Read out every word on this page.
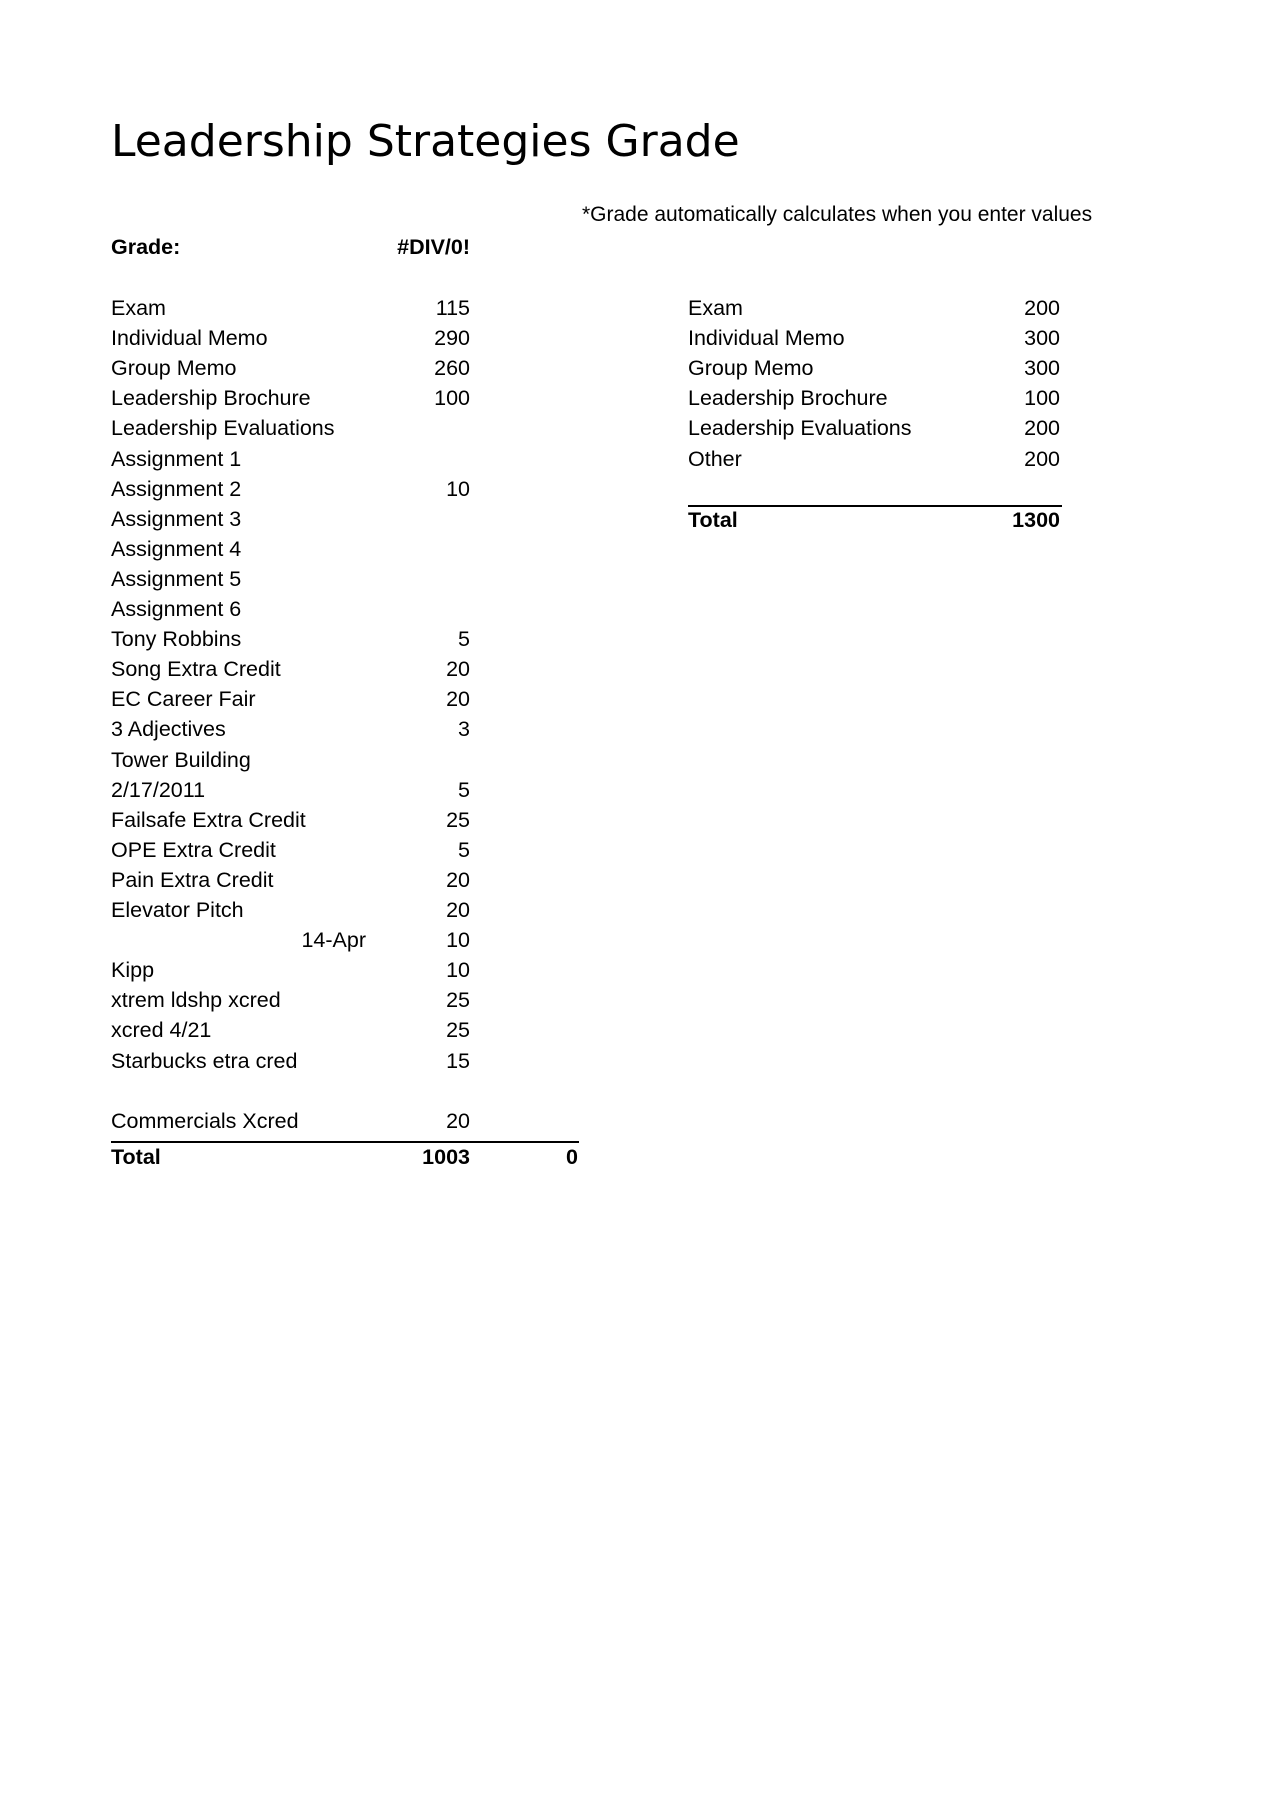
Leadership Strategies Grade
*Grade automatically calculates when you enter values
Grade:	#DIV/0!
Exam	115
Individual Memo	290
Group Memo	260
Leadership Brochure	100
Leadership Evaluations
Assignment 1
Assignment 2	10
Assignment 3
Assignment 4
Assignment 5
Assignment 6
Tony Robbins	5
Song Extra Credit	20
EC Career Fair	20
3 Adjectives	3
Tower Building
2/17/2011	5
Failsafe Extra Credit	25
OPE Extra Credit	5
Pain Extra Credit	20
Elevator Pitch	20
14-Apr	10
Kipp	10
xtrem ldshp xcred	25
xcred 4/21	25
Starbucks etra cred	15
Commercials Xcred	20
Total	1003	0
Exam	200
Individual Memo	300
Group Memo	300
Leadership Brochure	100
Leadership Evaluations	200
Other	200
Total	1300
